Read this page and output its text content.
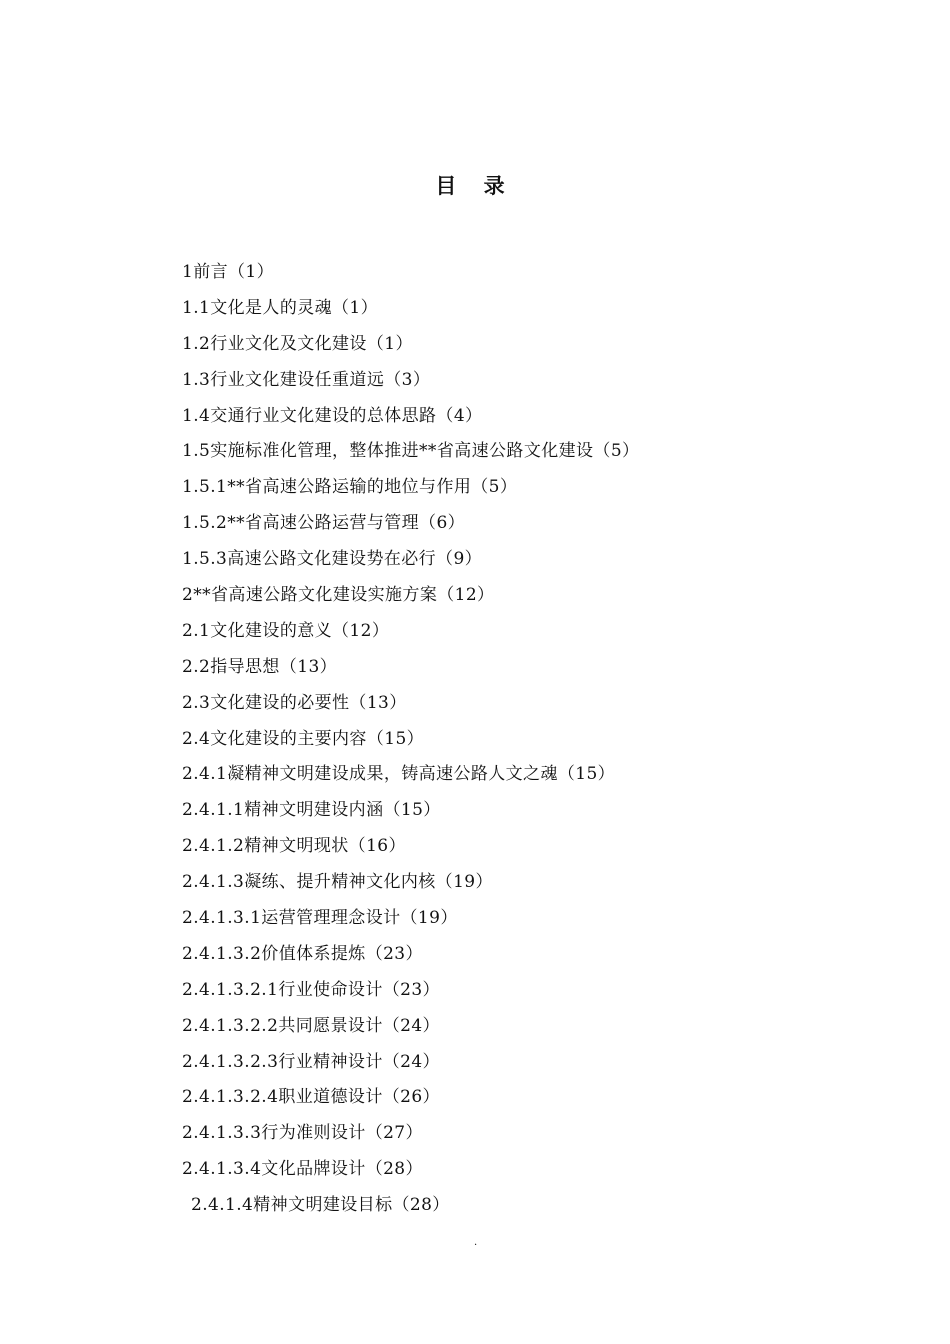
目 录
1前言（1）
1.1文化是人的灵魂（1）
1.2行业文化及文化建设（1）
1.3行业文化建设任重道远（3）
1.4交通行业文化建设的总体思路（4）
1.5实施标准化管理，整体推进**省高速公路文化建设（5）
1.5.1**省高速公路运输的地位与作用（5）
1.5.2**省高速公路运营与管理（6）
1.5.3高速公路文化建设势在必行（9）
2**省高速公路文化建设实施方案（12）
2.1文化建设的意义（12）
2.2指导思想（13）
2.3文化建设的必要性（13）
2.4文化建设的主要内容（15）
2.4.1凝精神文明建设成果，铸高速公路人文之魂（15）
2.4.1.1精神文明建设内涵（15）
2.4.1.2精神文明现状（16）
2.4.1.3凝练、提升精神文化内核（19）
2.4.1.3.1运营管理理念设计（19）
2.4.1.3.2价值体系提炼（23）
2.4.1.3.2.1行业使命设计（23）
2.4.1.3.2.2共同愿景设计（24）
2.4.1.3.2.3行业精神设计（24）
2.4.1.3.2.4职业道德设计（26）
2.4.1.3.3行为准则设计（27）
2.4.1.3.4文化品牌设计（28）
2.4.1.4精神文明建设目标（28）
.
